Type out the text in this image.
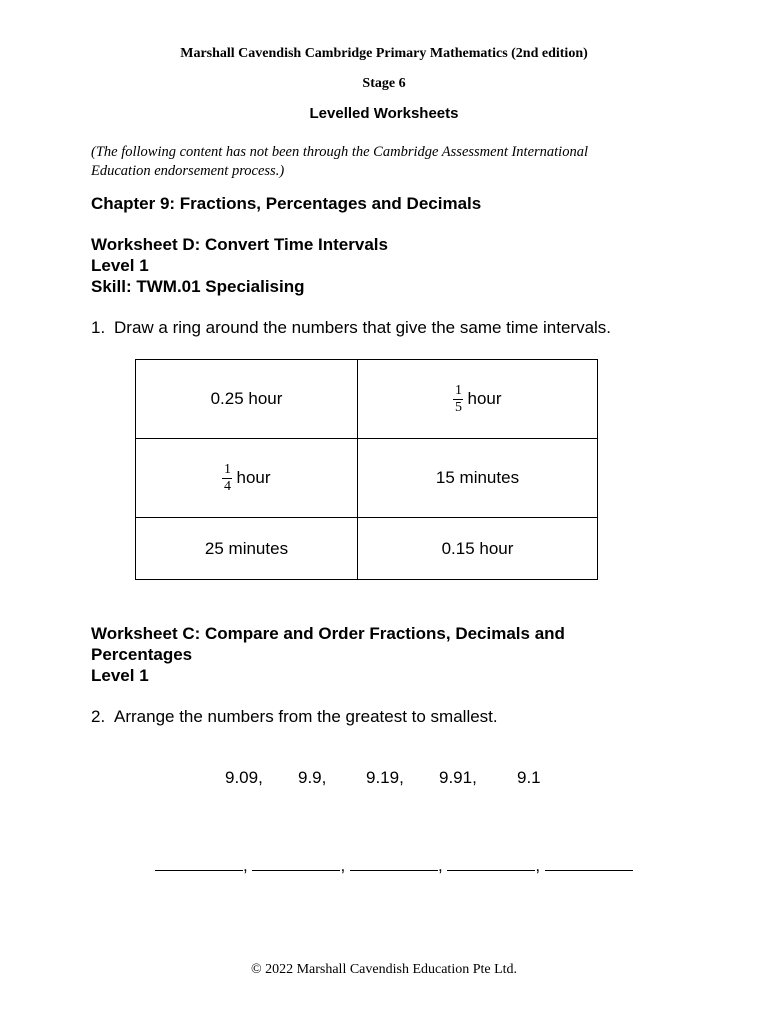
Marshall Cavendish Cambridge Primary Mathematics (2nd edition)
Stage 6
Levelled Worksheets
(The following content has not been through the Cambridge Assessment International Education endorsement process.)
Chapter 9: Fractions, Percentages and Decimals
Worksheet D: Convert Time Intervals
Level 1
Skill: TWM.01 Specialising
1. Draw a ring around the numbers that give the same time intervals.
0.25 hour	$\frac{1}{5}$ hour

$\frac{1}{4}$ hour	15 minutes
25 minutes	0.15 hour
Worksheet C: Compare and Order Fractions, Decimals and
Percentages
Level 1
2. Arrange the numbers from the greatest to smallest.
9.09, 9.9, 9.19, 9.91, 9.1
,	,	,	,
© 2022 Marshall Cavendish Education Pte Ltd.
